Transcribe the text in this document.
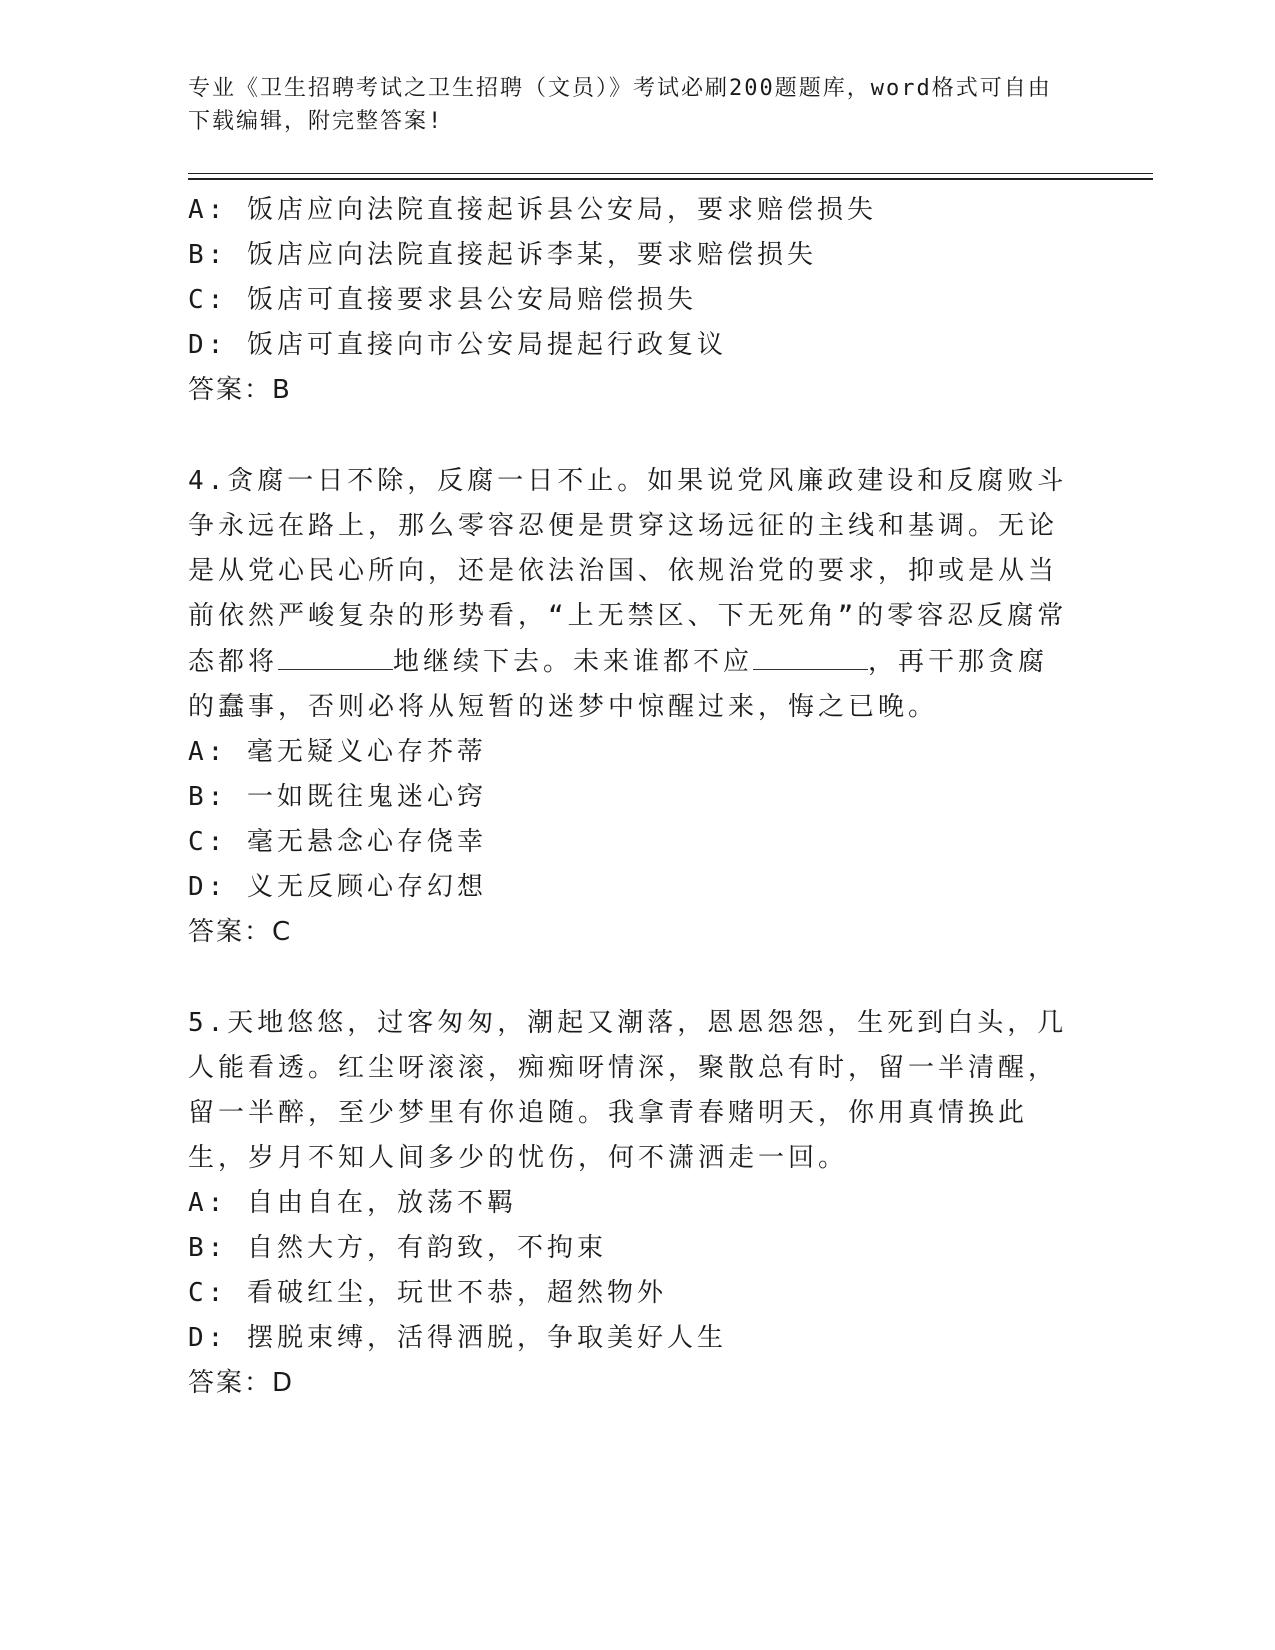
专业《卫生招聘考试之卫生招聘（文员）》考试必刷200题题库，word格式可自由下载编辑，附完整答案!
A: 饭店应向法院直接起诉县公安局，要求赔偿损失
B: 饭店应向法院直接起诉李某，要求赔偿损失
C: 饭店可直接要求县公安局赔偿损失
D: 饭店可直接向市公安局提起行政复议
答案：B
4.贪腐一日不除，反腐一日不止。如果说党风廉政建设和反腐败斗争永远在路上，那么零容忍便是贯穿这场远征的主线和基调。无论是从党心民心所向，还是依法治国、依规治党的要求，抑或是从当前依然严峻复杂的形势看，“上无禁区、下无死角”的零容忍反腐常态都将	地继续下去。未来谁都不应	，再干那贪腐的蠢事，否则必将从短暂的迷梦中惊醒过来，悔之已晚。
A: 毫无疑义心存芥蒂
B: 一如既往鬼迷心窍
C: 毫无悬念心存侥幸
D: 义无反顾心存幻想
答案：C
5.天地悠悠，过客匆匆，潮起又潮落，恩恩怨怨，生死到白头，几人能看透。红尘呀滚滚，痴痴呀情深，聚散总有时，留一半清醒，留一半醉，至少梦里有你追随。我拿青春赌明天，你用真情换此生，岁月不知人间多少的忧伤，何不潇洒走一回。
A: 自由自在，放荡不羁
B: 自然大方，有韵致，不拘束
C: 看破红尘，玩世不恭，超然物外
D: 摆脱束缚，活得洒脱，争取美好人生
答案：D
